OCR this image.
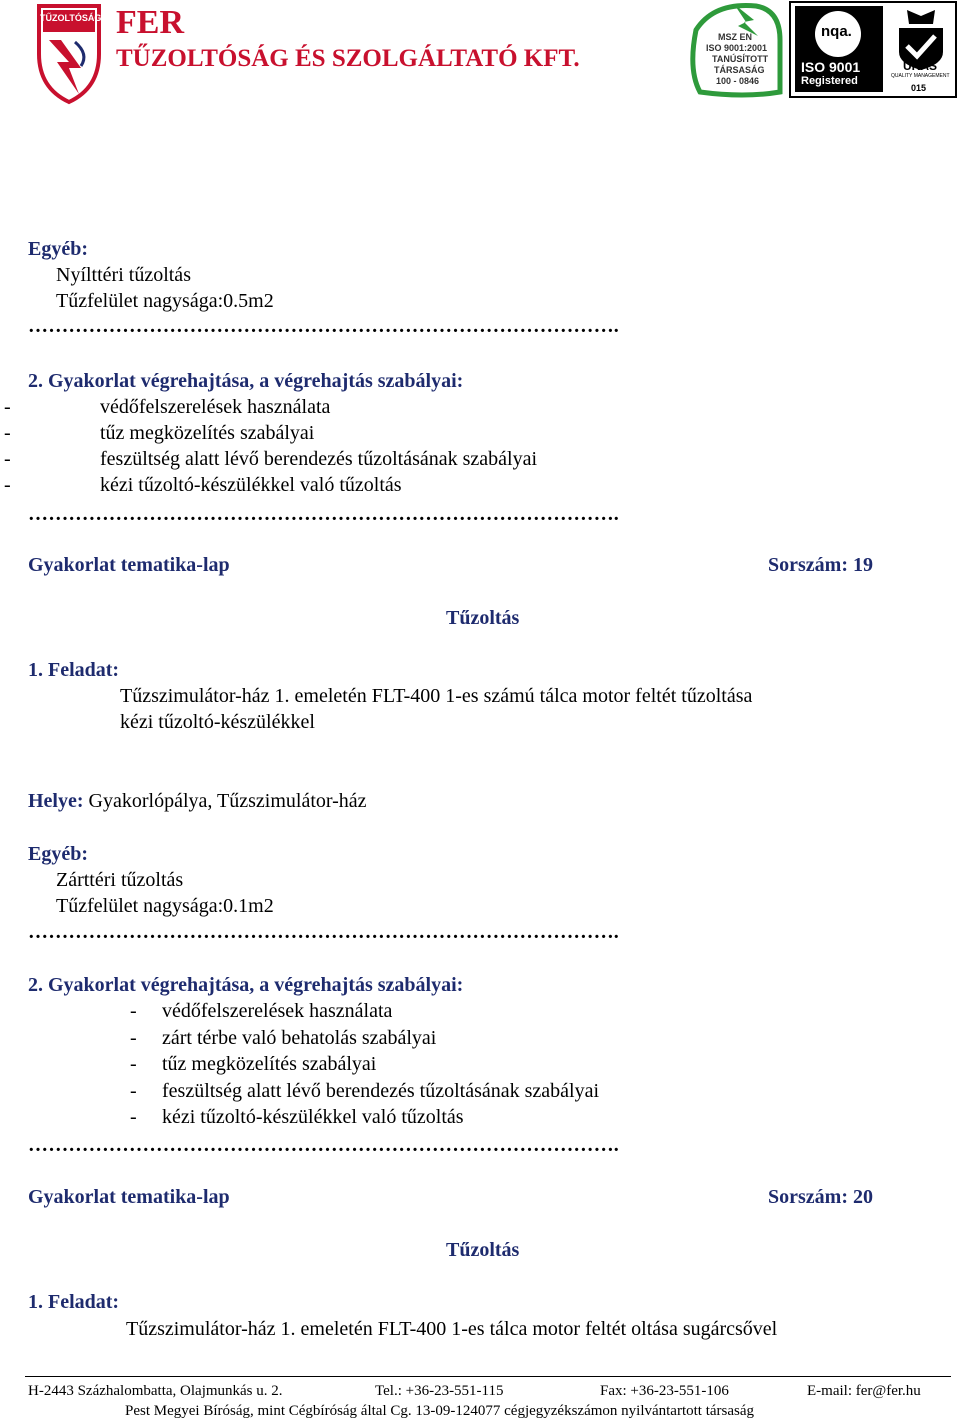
TŰZOLTÓSÁG FER
TŰZOLTÓSÁG ÉS SZOLGÁLTATÓ KFT.
MSZ EN
ISO 9001:2001
TANÚSÍTOTT
TÁRSASÁG
100 - 0846
nqa.
ISO 9001
Registered
UKAS
QUALITY MANAGEMENT
015
Egyéb:
Nyílttéri tűzoltás
Tűzfelület nagysága:0.5m2
…………………………………………………………………………….
2. Gyakorlat végrehajtása, a végrehajtás szabályai:
-	védőfelszerelések használata
-	tűz megközelítés szabályai
-	feszültség alatt lévő berendezés tűzoltásának szabályai
-	kézi tűzoltó-készülékkel való tűzoltás
…………………………………………………………………………….
Gyakorlat tematika-lap	Sorszám: 19
Tűzoltás
1. Feladat:
Tűzszimulátor-ház 1. emeletén FLT-400 1-es számú tálca motor feltét tűzoltása
kézi tűzoltó-készülékkel
Helye: Gyakorlópálya, Tűzszimulátor-ház
Egyéb:
Zárttéri tűzoltás
Tűzfelület nagysága:0.1m2
…………………………………………………………………………….
2. Gyakorlat végrehajtása, a végrehajtás szabályai:
- védőfelszerelések használata
- zárt térbe való behatolás szabályai
- tűz megközelítés szabályai
- feszültség alatt lévő berendezés tűzoltásának szabályai
- kézi tűzoltó-készülékkel való tűzoltás
…………………………………………………………………………….
Gyakorlat tematika-lap	Sorszám: 20
Tűzoltás
1. Feladat:
Tűzszimulátor-ház 1. emeletén FLT-400 1-es tálca motor feltét oltása sugárcsővel
H-2443 Százhalombatta, Olajmunkás u. 2.	Tel.: +36-23-551-115	Fax: +36-23-551-106	E-mail: fer@fer.hu
Pest Megyei Bíróság, mint Cégbíróság által Cg. 13-09-124077 cégjegyzékszámon nyilvántartott társaság
